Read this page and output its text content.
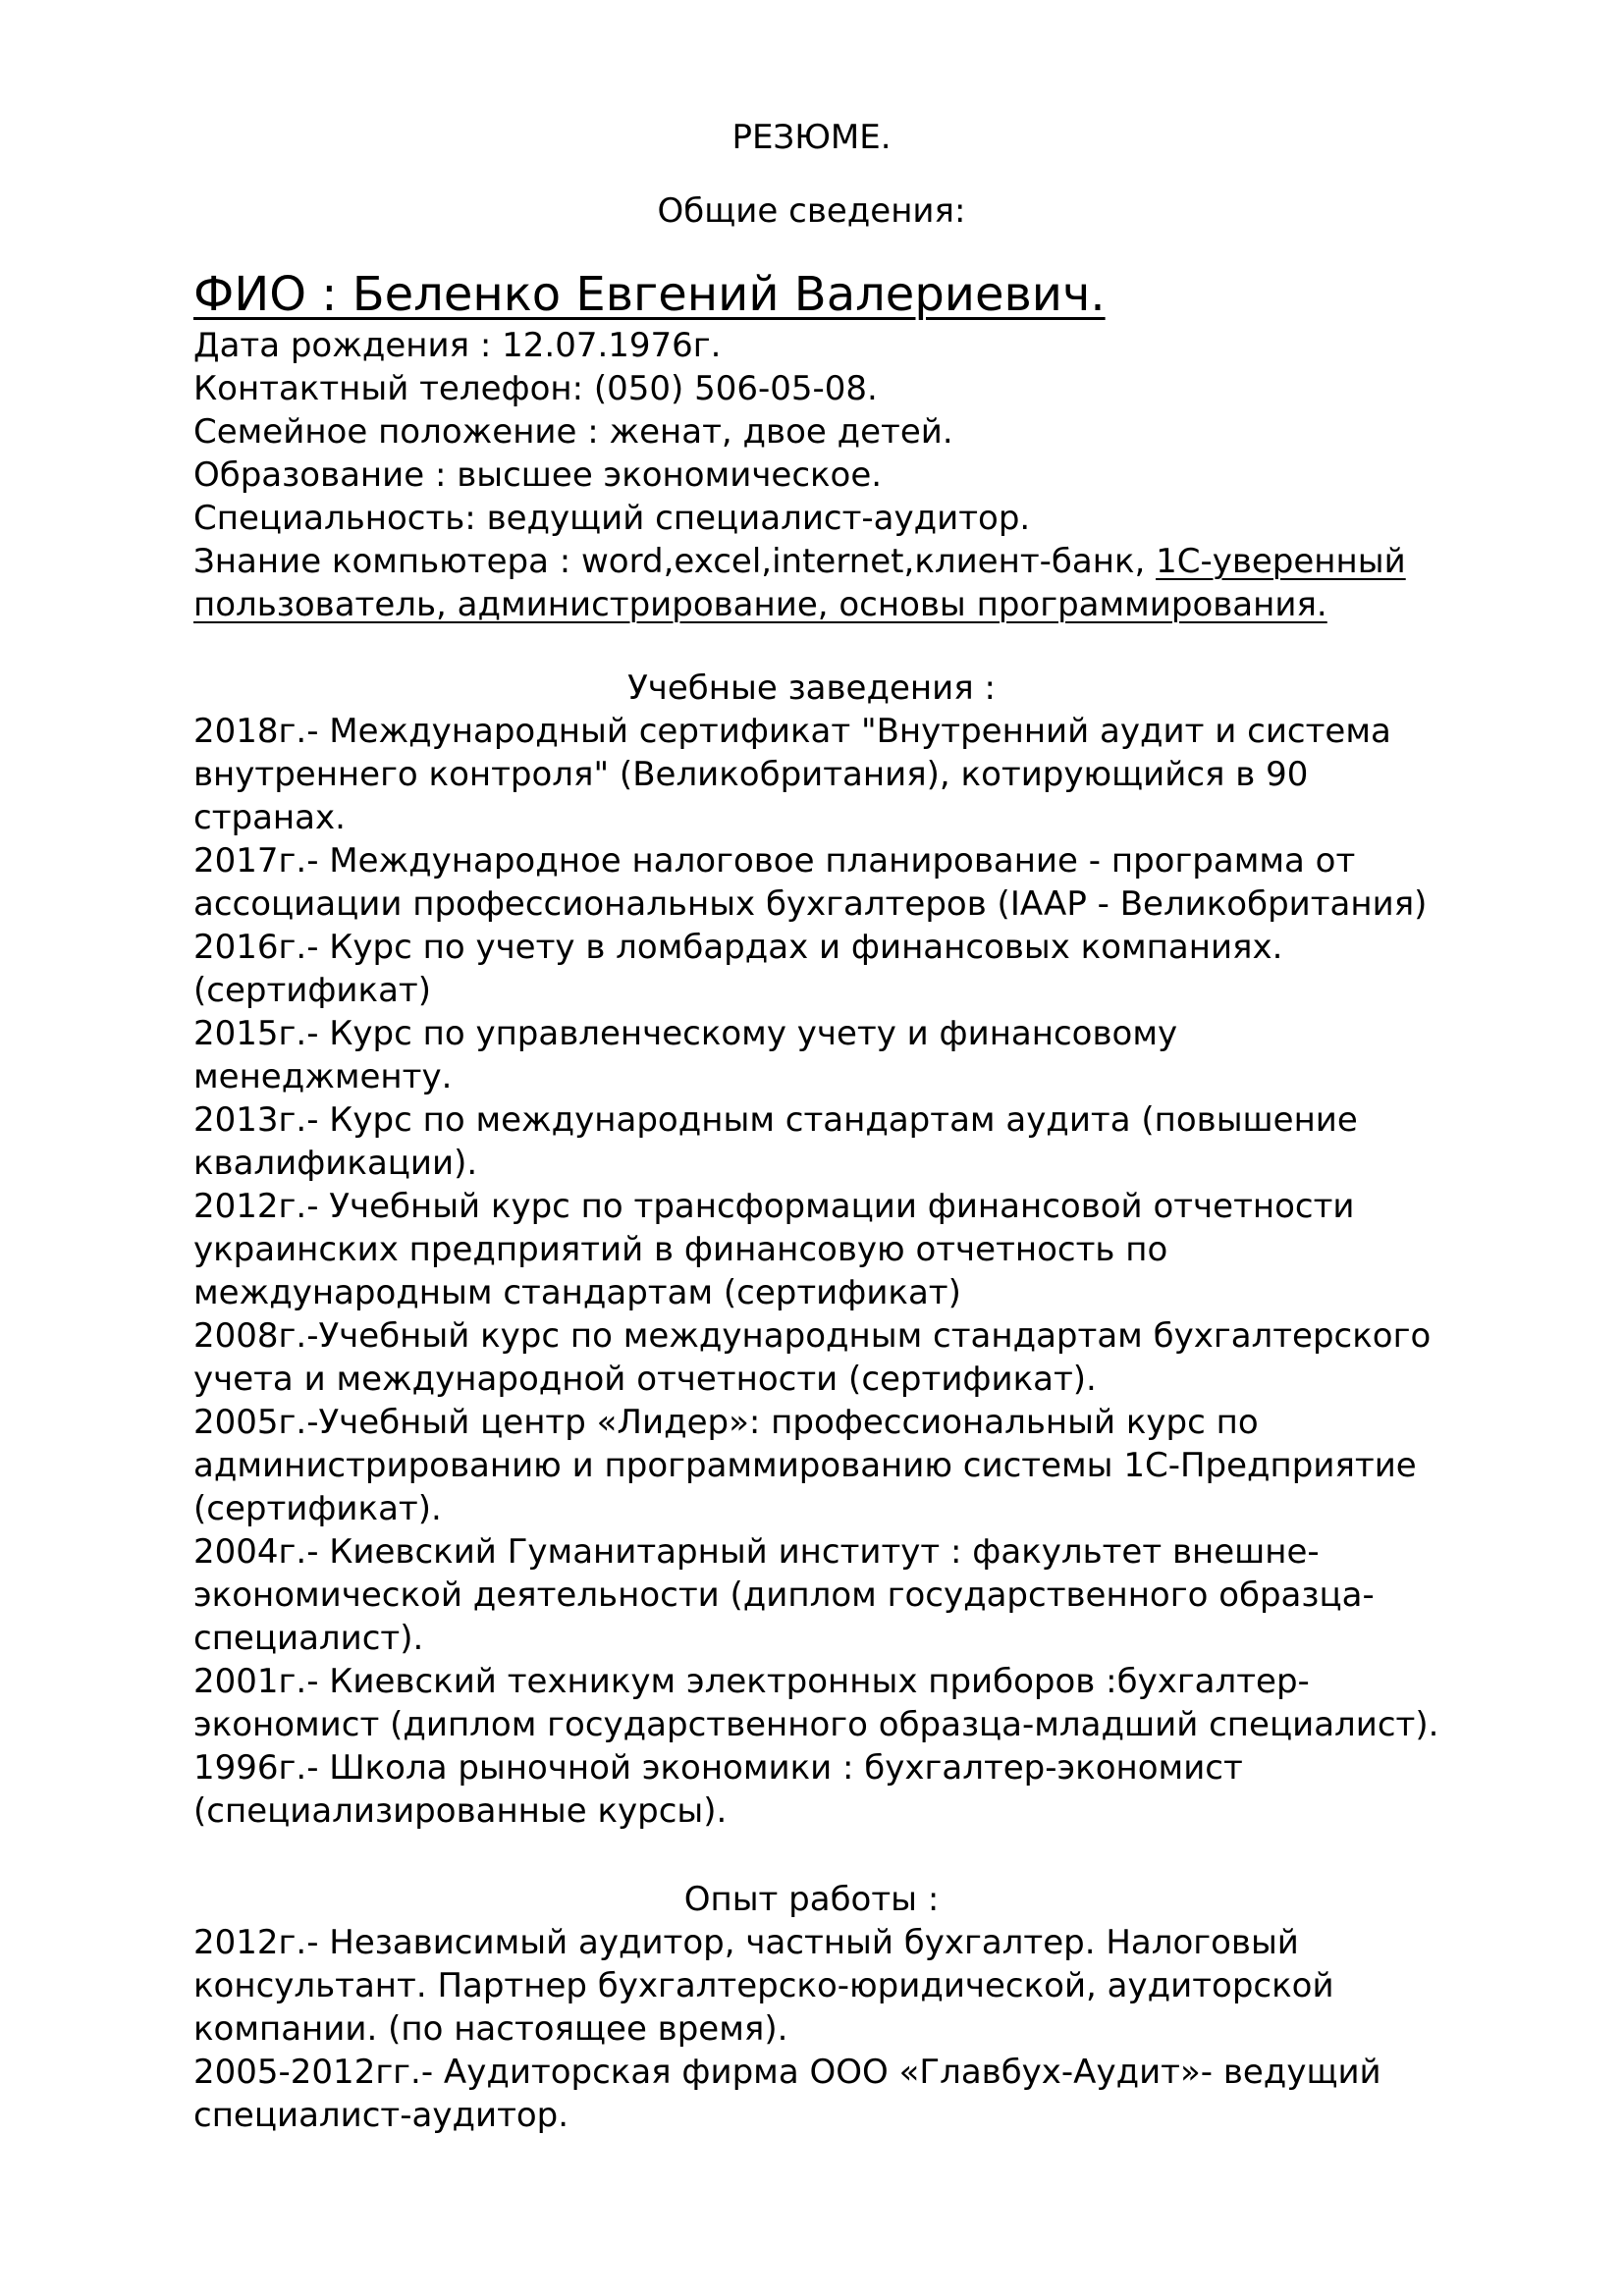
РЕЗЮМЕ.
Общие сведения:
ФИО : Беленко Евгений Валериевич.
Дата рождения : 12.07.1976г.
Контактный телефон: (050) 506-05-08.
Семейное положение : женат, двое детей.
Образование : высшее экономическое.
Специальность: ведущий специалист-аудитор.
Знание компьютера : word,excel,internet,клиент-банк, 1С-уверенный
пользователь, администрирование, основы программирования.
Учебные заведения :
2018г.- Международный сертификат "Внутренний аудит и система
внутреннего контроля" (Великобритания), котирующийся в 90
странах.
2017г.- Международное налоговое планирование - программа от
ассоциации профессиональных бухгалтеров (IAAP - Великобритания)
2016г.- Курс по учету в ломбардах и финансовых компаниях.
(сертификат)
2015г.- Курс по управленческому учету и финансовому
менеджменту.
2013г.- Курс по международным стандартам аудита (повышение
квалификации).
2012г.- Учебный курс по трансформации финансовой отчетности
украинских предприятий в финансовую отчетность по
международным стандартам (сертификат)
2008г.-Учебный курс по международным стандартам бухгалтерского
учета и международной отчетности (сертификат).
2005г.-Учебный центр «Лидер»: профессиональный курс по
администрированию и программированию системы 1С-Предприятие
(сертификат).
2004г.- Киевский Гуманитарный институт : факультет внешне-
экономической деятельности (диплом государственного образца-
специалист).
2001г.- Киевский техникум электронных приборов :бухгалтер-
экономист (диплом государственного образца-младший специалист).
1996г.- Школа рыночной экономики : бухгалтер-экономист
(специализированные курсы).
Опыт работы :
2012г.- Независимый аудитор, частный бухгалтер. Налоговый
консультант. Партнер бухгалтерско-юридической, аудиторской
компании. (по настоящее время).
2005-2012гг.- Аудиторская фирма ООО «Главбух-Аудит»- ведущий
специалист-аудитор.
